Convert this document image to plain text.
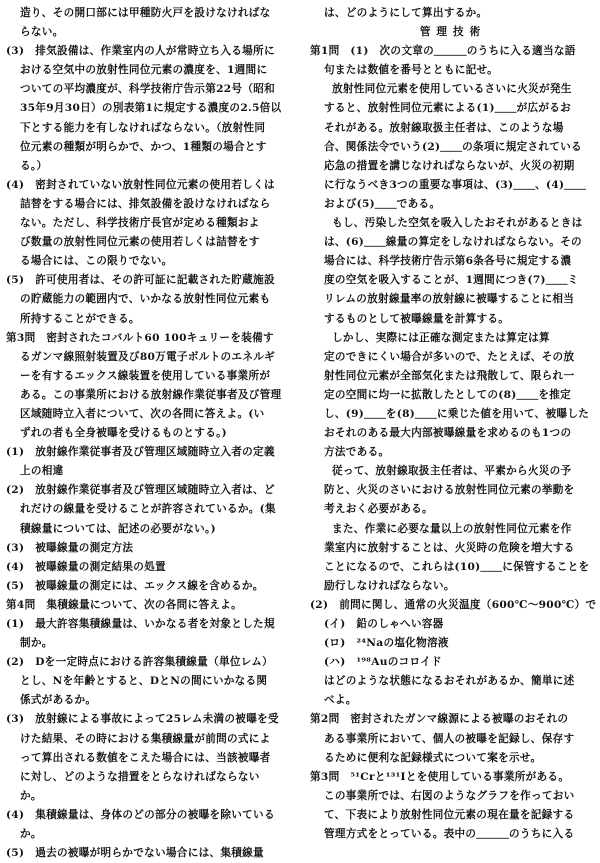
造り、その開口部には甲種防火戸を設けなければな
らない。
(3)　排気設備は、作業室内の人が常時立ち入る場所に
おける空気中の放射性同位元素の濃度を、1週間に
ついての平均濃度が、科学技術庁告示第22号（昭和
35年9月30日）の別表第1に規定する濃度の2.5倍以
下とする能力を有しなければならない。（放射性同
位元素の種類が明らかで、かつ、1種類の場合とす
る。）
(4)　密封されていない放射性同位元素の使用若しくは
詰替をする場合には、排気設備を設けなければなら
ない。ただし、科学技術庁長官が定める種類およ
び数量の放射性同位元素の使用若しくは詰替をす
る場合には、この限りでない。
(5)　許可使用者は、その許可証に記載された貯蔵施設
の貯蔵能力の範囲内で、いかなる放射性同位元素も
所持することができる。
第3問　密封されたコバルト60 100キュリーを装備す
るガンマ線照射装置及び80万電子ボルトのエネルギ
ーを有するエックス線装置を使用している事業所が
ある。この事業所における放射線作業従事者及び管理
区域随時立入者について、次の各問に答えよ。(い
ずれの者も全身被曝を受けるものとする。)
(1)　放射線作業従事者及び管理区域随時立入者の定義
上の相違
(2)　放射線作業従事者及び管理区域随時立入者は、ど
れだけの線量を受けることが許容されているか。(集
積線量については、記述の必要がない。)
(3)　被曝線量の測定方法
(4)　被曝線量の測定結果の処置
(5)　被曝線量の測定には、エックス線を含めるか。
第4問　集積線量について、次の各問に答えよ。
(1)　最大許容集積線量は、いかなる者を対象とした規
制か。
(2)　Dを一定時点における許容集積線量（単位レム）
とし、Nを年齢とすると、DとNの間にいかなる関
係式があるか。
(3)　放射線による事故によって25レム未満の被曝を受
けた結果、その時における集積線量が前問の式によ
って算出される数値をこえた場合には、当該被曝者
に対し、どのような措置をとらなければならない
か。
(4)　集積線量は、身体のどの部分の被曝を除いている
か。
(5)　過去の被曝が明らかでない場合には、集積線量
は、どのようにして算出するか。
管理技術
第1問　(1)　次の文章の＿＿＿のうちに入る適当な語
句または数値を番号とともに記せ。
放射性同位元素を使用しているさいに火災が発生
すると、放射性同位元素による(1)＿＿が広がるお
それがある。放射線取扱主任者は、このような場
合、関係法令でいう(2)＿＿の条項に規定されている
応急の措置を講じなければならないが、火災の初期
に行なうべき3つの重要な事項は、(3)＿＿、(4)＿＿
および(5)＿＿である。
もし、汚染した空気を吸入したおそれがあるときは
は、(6)＿＿線量の算定をしなければならない。その
場合には、科学技術庁告示第6条各号に規定する濃
度の空気を吸入することが、1週間につき(7)＿＿ミ
リレムの放射線量率の放射線に被曝することに相当
するものとして被曝線量を計算する。
しかし、実際には正確な測定または算定は算
定のできにくい場合が多いので、たとえば、その放
射性同位元素が全部気化または飛散して、限られ一
定の空間に均一に拡散したとしての(8)＿＿を推定
し、(9)＿＿を(8)＿＿に乗じた値を用いて、被曝した
おそれのある最大内部被曝線量を求めるのも1つの
方法である。
従って、放射線取扱主任者は、平素から火災の予
防と、火災のさいにおける放射性同位元素の挙動を
考えおく必要がある。
また、作業に必要な量以上の放射性同位元素を作
業室内に放射することは、火災時の危険を増大する
ことになるので、これらは(10)＿＿に保管することを
励行しなければならない。
(2)　前問に関し、通常の火災温度（600℃～900℃）で
(イ)　鉛のしゃへい容器
(ロ)　²⁴Naの塩化物溶液
(ハ)　¹⁹⁸Auのコロイド
はどのような状態になるおそれがあるか、簡単に述
べよ。
第2問　密封されたガンマ線源による被曝のおそれの
ある事業所において、個人の被曝を記録し、保存す
るために便利な記録様式について案を示せ。
第3問　⁵¹Crと¹³¹Iとを使用している事業所がある。
この事業所では、右図のようなグラフを作っておい
て、下表により放射性同位元素の現在量を記録する
管理方式をとっている。表中の＿＿＿のうちに入る
